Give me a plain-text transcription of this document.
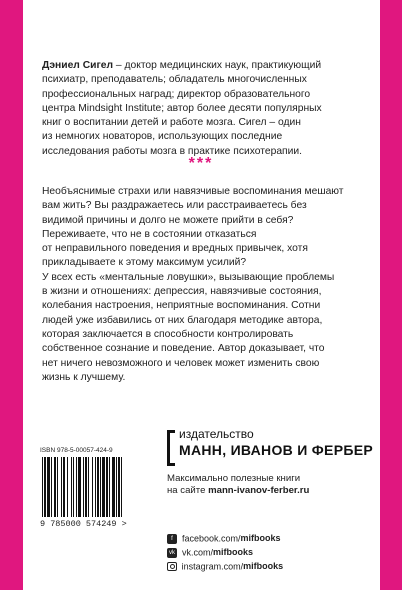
Дэниел Сигел – доктор медицинских наук, практикующий
психиатр, преподаватель; обладатель многочисленных
профессиональных наград; директор образовательного
центра Mindsight Institute; автор более десяти популярных
книг о воспитании детей и работе мозга. Сигел – один
из немногих новаторов, использующих последние
исследования работы мозга в практике психотерапии.
***

Необъяснимые страхи или навязчивые воспоминания мешают

вам жить? Вы раздражаетесь или расстраиваетесь без

видимой причины и долго не можете прийти в себя?

Переживаете, что не в состоянии отказаться

от неправильного поведения и вредных привычек, хотя

прикладываете к этому максимум усилий?

У всех есть «ментальные ловушки», вызывающие проблемы

в жизни и отношениях: депрессия, навязчивые состояния,

колебания настроения, неприятные воспоминания. Сотни

людей уже избавились от них благодаря методике автора,

которая заключается в способности контролировать

собственное сознание и поведение. Автор доказывает, что

нет ничего невозможного и человек может изменить свою

жизнь к лучшему.

издательство
МАНН, ИВАНОВ И ФЕРБЕР
Максимально полезные книги
на сайте mann-ivanov-ferber.ru
ISBN 978-5-00057-424-9
9 785000 574249 >
f facebook.com/mifbooks
vk vk.com/mifbooks
instagram.com/mifbooks
